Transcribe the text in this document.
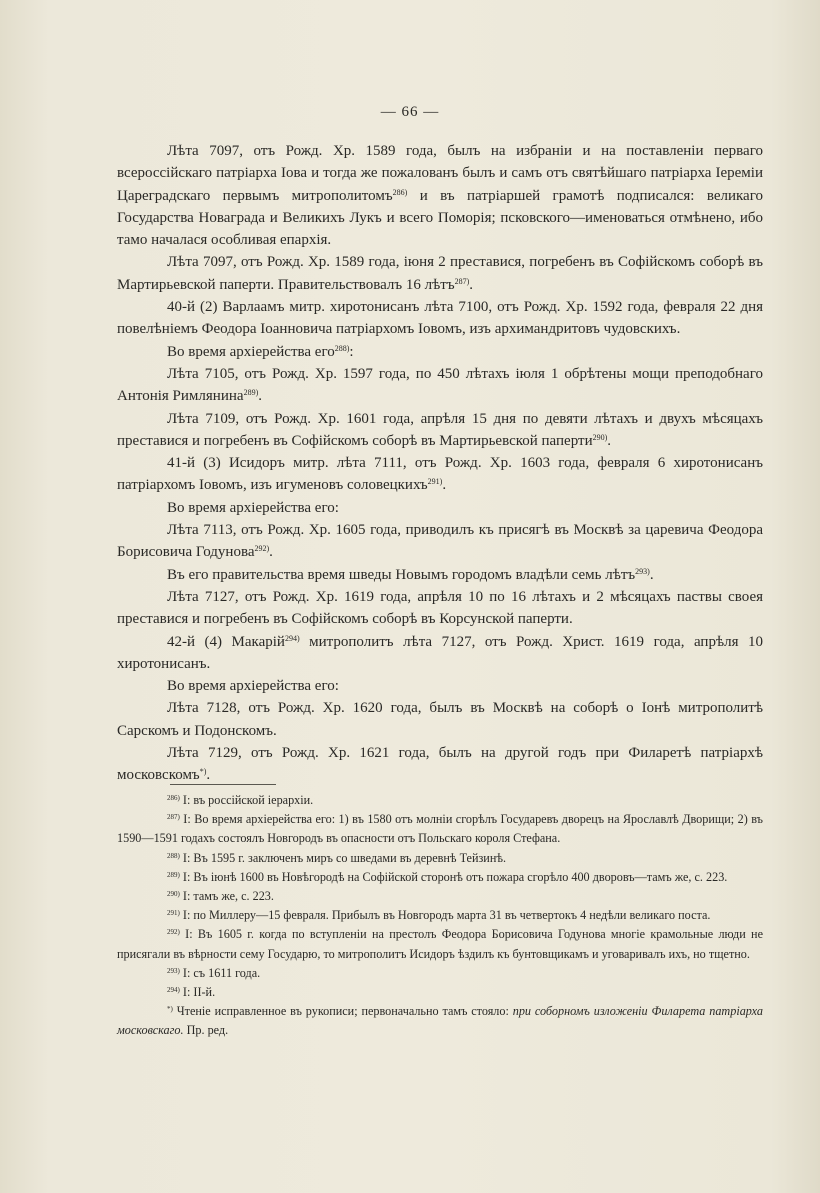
— 66 —

Лѣта 7097, отъ Рожд. Хр. 1589 года, былъ на избраніи и на поставленіи перваго всероссійскаго патріарха Іова и тогда же пожалованъ былъ и самъ отъ святѣйшаго патріарха Іереміи Цареградскаго первымъ митрополитомъ$^{286)}$ и въ патріаршей грамотѣ подписался: великаго Государства Новаграда и Великихъ Лукъ и всего Поморія; псковского—именоваться отмѣнено, ибо тамо началася особливая епархія.

Лѣта 7097, отъ Рожд. Хр. 1589 года, іюня 2 преставися, погребенъ въ Софійскомъ соборѣ въ Мартирьевской паперти. Правительствовалъ 16 лѣтъ$^{287)}$.

40-й (2) Варлаамъ митр. хиротонисанъ лѣта 7100, отъ Рожд. Хр. 1592 года, февраля 22 дня повелѣніемъ Феодора Іоанновича патріархомъ Іовомъ, изъ архимандритовъ чудовскихъ.

Во время архіерейства его$^{288)}$:

Лѣта 7105, отъ Рожд. Хр. 1597 года, по 450 лѣтахъ іюля 1 обрѣтены мощи преподобнаго Антонія Римлянина$^{289)}$.

Лѣта 7109, отъ Рожд. Хр. 1601 года, апрѣля 15 дня по девяти лѣтахъ и двухъ мѣсяцахъ преставися и погребенъ въ Софійскомъ соборѣ въ Мартирьевской паперти$^{290)}$.

41-й (3) Исидоръ митр. лѣта 7111, отъ Рожд. Хр. 1603 года, февраля 6 хиротонисанъ патріархомъ Іовомъ, изъ игуменовъ соловецкихъ$^{291)}$.

Во время архіерейства его:

Лѣта 7113, отъ Рожд. Хр. 1605 года, приводилъ къ присягѣ въ Москвѣ за царевича Феодора Борисовича Годунова$^{292)}$.

Въ его правительства время шведы Новымъ городомъ владѣли семь лѣтъ$^{293)}$.

Лѣта 7127, отъ Рожд. Хр. 1619 года, апрѣля 10 по 16 лѣтахъ и 2 мѣсяцахъ паствы своея преставися и погребенъ въ Софійскомъ соборѣ въ Корсунской паперти.

42-й (4) Макарій$^{294)}$ митрополитъ лѣта 7127, отъ Рожд. Христ. 1619 года, апрѣля 10 хиротонисанъ.

Во время архіерейства его:

Лѣта 7128, отъ Рожд. Хр. 1620 года, былъ въ Москвѣ на соборѣ о Іонѣ митрополитѣ Сарскомъ и Подонскомъ.

Лѣта 7129, отъ Рожд. Хр. 1621 года, былъ на другой годъ при Филаретѣ патріархѣ московскомъ*).

$^{286)}$ I: въ россійской іерархіи.

$^{287)}$ I: Во время архіерейства его: 1) въ 1580 отъ молніи сгорѣлъ Государевъ дворецъ на Ярославлѣ Дворищи; 2) въ 1590—1591 годахъ состоялъ Новгородъ въ опасности отъ Польскаго короля Стефана.

$^{288)}$ I: Въ 1595 г. заключенъ миръ со шведами въ деревнѣ Тейзинѣ.

$^{289)}$ I: Въ іюнѣ 1600 въ Новѣгородѣ на Софійской сторонѣ отъ пожара сгорѣло 400 дворовъ—тамъ же, с. 223.

$^{290)}$ I: тамъ же, с. 223.

$^{291)}$ I: по Миллеру—15 февраля. Прибылъ въ Новгородъ марта 31 въ четвертокъ 4 недѣли великаго поста.

$^{292)}$ I: Въ 1605 г. когда по вступленіи на престолъ Феодора Борисовича Годунова многіе крамольные люди не присягали въ вѣрности сему Государю, то митрополитъ Исидоръ ѣздилъ къ бунтовщикамъ и уговаривалъ ихъ, но тщетно.

$^{293)}$ I: съ 1611 года.

$^{294)}$ I: II-й.

*) Чтеніе исправленное въ рукописи; первоначально тамъ стояло: при соборномъ изложеніи Филарета патріарха московскаго. Пр. ред.
